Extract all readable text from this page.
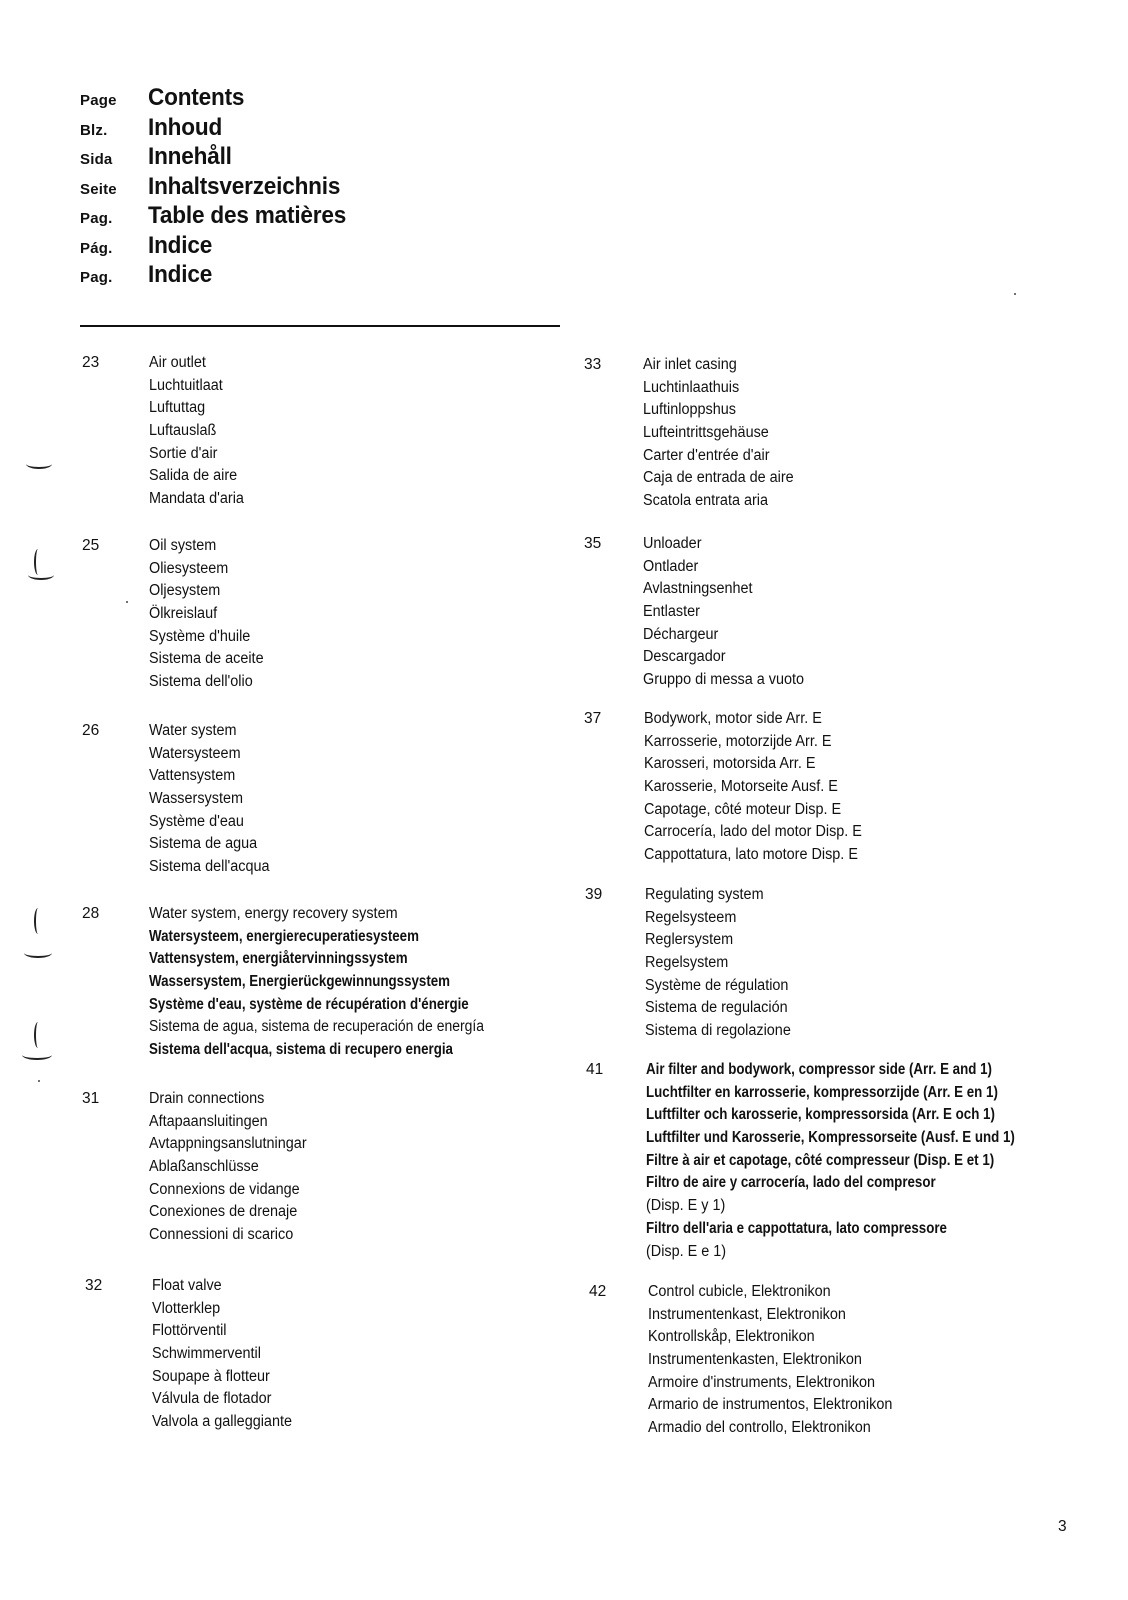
Page Contents
Blz. Inhoud
Sida Innehåll
Seite Inhaltsverzeichnis
Pag. Table des matières
Pág. Indice
Pag. Indice
23	Air outlet
Luchtuitlaat
Luftuttag
Luftauslaß
Sortie d'air
Salida de aire
Mandata d'aria
25	Oil system
Oliesysteem
Oljesystem
Ölkreislauf
Système d'huile
Sistema de aceite
Sistema dell'olio
26	Water system
Watersysteem
Vattensystem
Wassersystem
Système d'eau
Sistema de agua
Sistema dell'acqua
28	Water system, energy recovery system
Watersysteem, energierecuperatiesysteem
Vattensystem, energiåtervinningssystem
Wassersystem, Energierückgewinnungssystem
Système d'eau, système de récupération d'énergie
Sistema de agua, sistema de recuperación de energía
Sistema dell'acqua, sistema di recupero energia
31	Drain connections
Aftapaansluitingen
Avtappningsanslutningar
Ablaßanschlüsse
Connexions de vidange
Conexiones de drenaje
Connessioni di scarico
32	Float valve
Vlotterklep
Flottörventil
Schwimmerventil
Soupape à flotteur
Válvula de flotador
Valvola a galleggiante
33	Air inlet casing
Luchtinlaathuis
Luftinloppshus
Lufteintrittsgehäuse
Carter d'entrée d'air
Caja de entrada de aire
Scatola entrata aria
35	Unloader
Ontlader
Avlastningsenhet
Entlaster
Déchargeur
Descargador
Gruppo di messa a vuoto
37	Bodywork, motor side Arr. E
Karrosserie, motorzijde Arr. E
Karosseri, motorsida Arr. E
Karosserie, Motorseite Ausf. E
Capotage, côté moteur Disp. E
Carrocería, lado del motor Disp. E
Cappottatura, lato motore Disp. E
39	Regulating system
Regelsysteem
Reglersystem
Regelsystem
Système de régulation
Sistema de regulación
Sistema di regolazione
41	Air filter and bodywork, compressor side (Arr. E and 1)
Luchtfilter en karrosserie, kompressorzijde (Arr. E en 1)
Luftfilter och karosserie, kompressorsida (Arr. E och 1)
Luftfilter und Karosserie, Kompressorseite (Ausf. E und 1)
Filtre à air et capotage, côté compresseur (Disp. E et 1)
Filtro de aire y carrocería, lado del compresor
(Disp. E y 1)
Filtro dell'aria e cappottatura, lato compressore
(Disp. E e 1)
42	Control cubicle, Elektronikon
Instrumentenkast, Elektronikon
Kontrollskåp, Elektronikon
Instrumentenkasten, Elektronikon
Armoire d'instruments, Elektronikon
Armario de instrumentos, Elektronikon
Armadio del controllo, Elektronikon
3
